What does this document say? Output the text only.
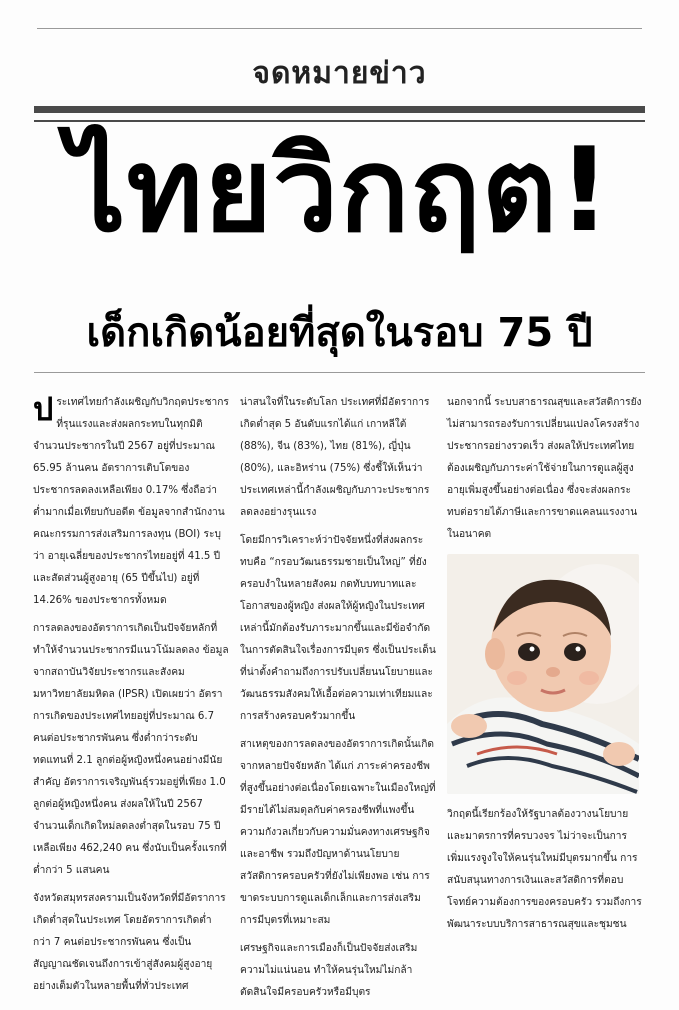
จดหมายข่าว
ไทยวิกฤต!
เด็กเกิดน้อยที่สุดในรอบ 75 ปี

ประเทศไทยกำลังเผชิญกับวิกฤตประชากรที่รุนแรงและส่งผลกระทบในทุกมิติ จำนวนประชากรในปี 2567 อยู่ที่ประมาณ 65.95 ล้านคน อัตราการเติบโตของประชากรลดลงเหลือเพียง 0.17% ซึ่งถือว่าต่ำมากเมื่อเทียบกับอดีต ข้อมูลจากสำนักงานคณะกรรมการส่งเสริมการลงทุน (BOI) ระบุว่า อายุเฉลี่ยของประชากรไทยอยู่ที่ 41.5 ปี และสัดส่วนผู้สูงอายุ (65 ปีขึ้นไป) อยู่ที่ 14.26% ของประชากรทั้งหมด

การลดลงของอัตราการเกิดเป็นปัจจัยหลักที่ทำให้จำนวนประชากรมีแนวโน้มลดลง ข้อมูลจากสถาบันวิจัยประชากรและสังคม มหาวิทยาลัยมหิดล (IPSR) เปิดเผยว่า อัตราการเกิดของประเทศไทยอยู่ที่ประมาณ 6.7 คนต่อประชากรพันคน ซึ่งต่ำกว่าระดับทดแทนที่ 2.1 ลูกต่อผู้หญิงหนึ่งคนอย่างมีนัยสำคัญ อัตราการเจริญพันธุ์รวมอยู่ที่เพียง 1.0 ลูกต่อผู้หญิงหนึ่งคน ส่งผลให้ในปี 2567 จำนวนเด็กเกิดใหม่ลดลงต่ำสุดในรอบ 75 ปี เหลือเพียง 462,240 คน ซึ่งนับเป็นครั้งแรกที่ต่ำกว่า 5 แสนคน

จังหวัดสมุทรสงครามเป็นจังหวัดที่มีอัตราการเกิดต่ำสุดในประเทศ โดยอัตราการเกิดต่ำกว่า 7 คนต่อประชากรพันคน ซึ่งเป็นสัญญาณชัดเจนถึงการเข้าสู่สังคมผู้สูงอายุอย่างเต็มตัวในหลายพื้นที่ทั่วประเทศ

น่าสนใจที่ในระดับโลก ประเทศที่มีอัตราการเกิดต่ำสุด 5 อันดับแรกได้แก่ เกาหลีใต้ (88%), จีน (83%), ไทย (81%), ญี่ปุ่น (80%), และอิหร่าน (75%) ซึ่งชี้ให้เห็นว่าประเทศเหล่านี้กำลังเผชิญกับภาวะประชากรลดลงอย่างรุนแรง

โดยมีการวิเคราะห์ว่าปัจจัยหนึ่งที่ส่งผลกระทบคือ “กรอบวัฒนธรรมชายเป็นใหญ่” ที่ยังครอบงำในหลายสังคม กดทับบทบาทและโอกาสของผู้หญิง ส่งผลให้ผู้หญิงในประเทศเหล่านี้มักต้องรับภาระมากขึ้นและมีข้อจำกัดในการตัดสินใจเรื่องการมีบุตร ซึ่งเป็นประเด็นที่น่าตั้งคำถามถึงการปรับเปลี่ยนนโยบายและวัฒนธรรมสังคมให้เอื้อต่อความเท่าเทียมและการสร้างครอบครัวมากขึ้น

สาเหตุของการลดลงของอัตราการเกิดนั้นเกิดจากหลายปัจจัยหลัก ได้แก่ ภาระค่าครองชีพที่สูงขึ้นอย่างต่อเนื่องโดยเฉพาะในเมืองใหญ่ที่มีรายได้ไม่สมดุลกับค่าครองชีพที่แพงขึ้น ความกังวลเกี่ยวกับความมั่นคงทางเศรษฐกิจและอาชีพ รวมถึงปัญหาด้านนโยบายสวัสดิการครอบครัวที่ยังไม่เพียงพอ เช่น การขาดระบบการดูแลเด็กเล็กและการส่งเสริมการมีบุตรที่เหมาะสม

เศรษฐกิจและการเมืองก็เป็นปัจจัยส่งเสริมความไม่แน่นอน ทำให้คนรุ่นใหม่ไม่กล้าตัดสินใจมีครอบครัวหรือมีบุตร

นอกจากนี้ ระบบสาธารณสุขและสวัสดิการยังไม่สามารถรองรับการเปลี่ยนแปลงโครงสร้างประชากรอย่างรวดเร็ว ส่งผลให้ประเทศไทยต้องเผชิญกับภาระค่าใช้จ่ายในการดูแลผู้สูงอายุเพิ่มสูงขึ้นอย่างต่อเนื่อง ซึ่งจะส่งผลกระทบต่อรายได้ภาษีและการขาดแคลนแรงงานในอนาคต

วิกฤตนี้เรียกร้องให้รัฐบาลต้องวางนโยบายและมาตรการที่ครบวงจร ไม่ว่าจะเป็นการเพิ่มแรงจูงใจให้คนรุ่นใหม่มีบุตรมากขึ้น การสนับสนุนทางการเงินและสวัสดิการที่ตอบโจทย์ความต้องการของครอบครัว รวมถึงการพัฒนาระบบบริการสาธารณสุขและชุมชน
